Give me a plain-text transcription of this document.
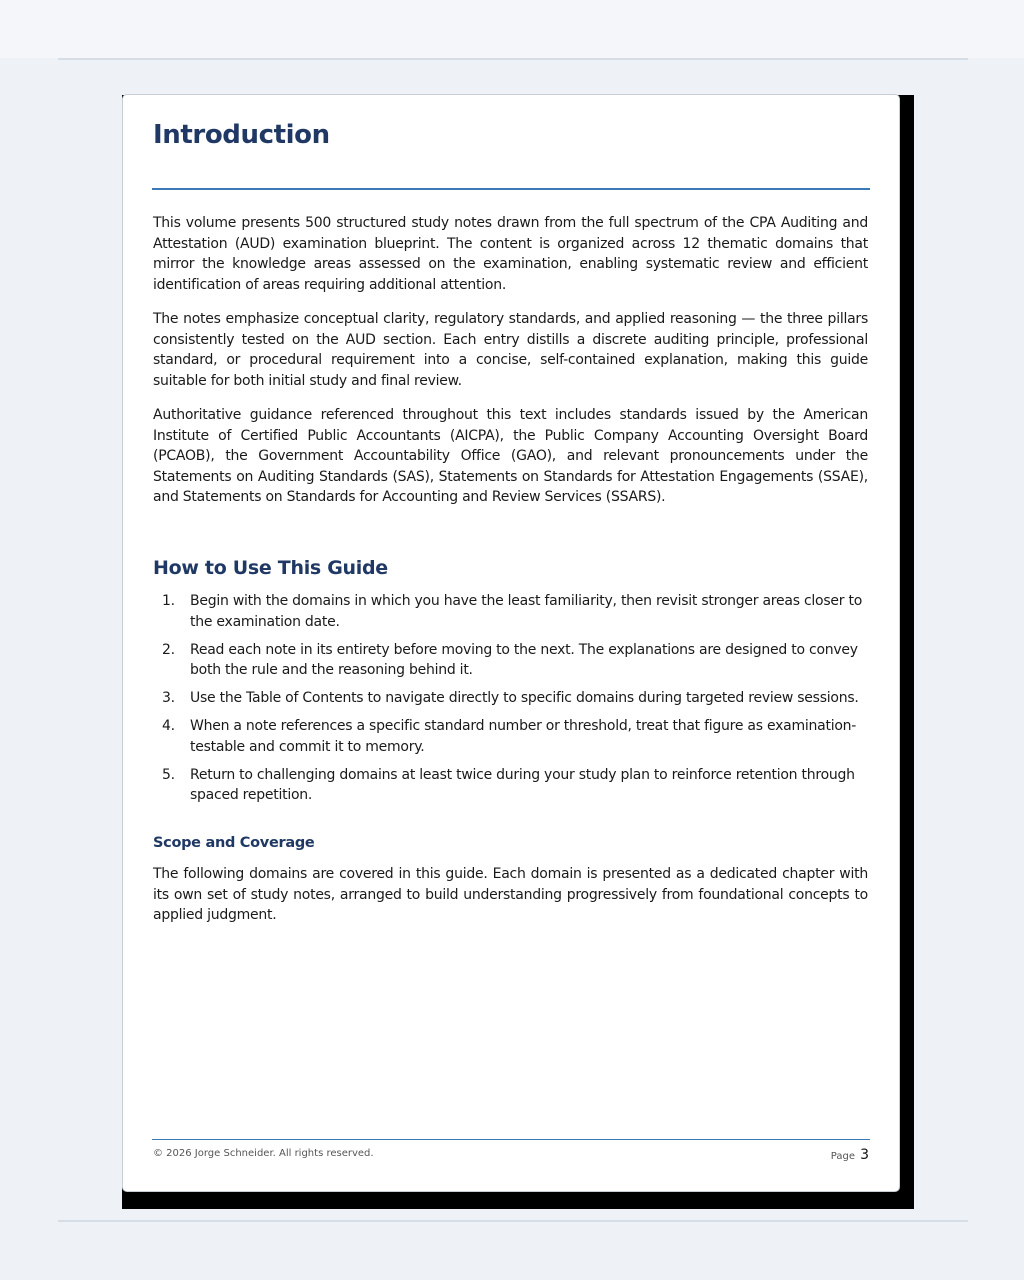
Introduction

This volume presents 500 structured study notes drawn from the full spectrum of the CPA Auditing and Attestation (AUD) examination blueprint. The content is organized across 12 thematic domains that mirror the knowledge areas assessed on the examination, enabling systematic review and efficient identification of areas requiring additional attention.

The notes emphasize conceptual clarity, regulatory standards, and applied reasoning — the three pillars consistently tested on the AUD section. Each entry distills a discrete auditing principle, professional standard, or procedural requirement into a concise, self-contained explanation, making this guide suitable for both initial study and final review.

Authoritative guidance referenced throughout this text includes standards issued by the American Institute of Certified Public Accountants (AICPA), the Public Company Accounting Oversight Board (PCAOB), the Government Accountability Office (GAO), and relevant pronouncements under the Statements on Auditing Standards (SAS), Statements on Standards for Attestation Engagements (SSAE), and Statements on Standards for Accounting and Review Services (SSARS).

How to Use This Guide
1. Begin with the domains in which you have the least familiarity, then revisit stronger areas closer to the examination date.
2. Read each note in its entirety before moving to the next. The explanations are designed to convey both the rule and the reasoning behind it.
3. Use the Table of Contents to navigate directly to specific domains during targeted review sessions.
4. When a note references a specific standard number or threshold, treat that figure as examination-testable and commit it to memory.
5. Return to challenging domains at least twice during your study plan to reinforce retention through spaced repetition.
Scope and Coverage

The following domains are covered in this guide. Each domain is presented as a dedicated chapter with its own set of study notes, arranged to build understanding progressively from foundational concepts to applied judgment.

© 2026 Jorge Schneider. All rights reserved.	Page 3
